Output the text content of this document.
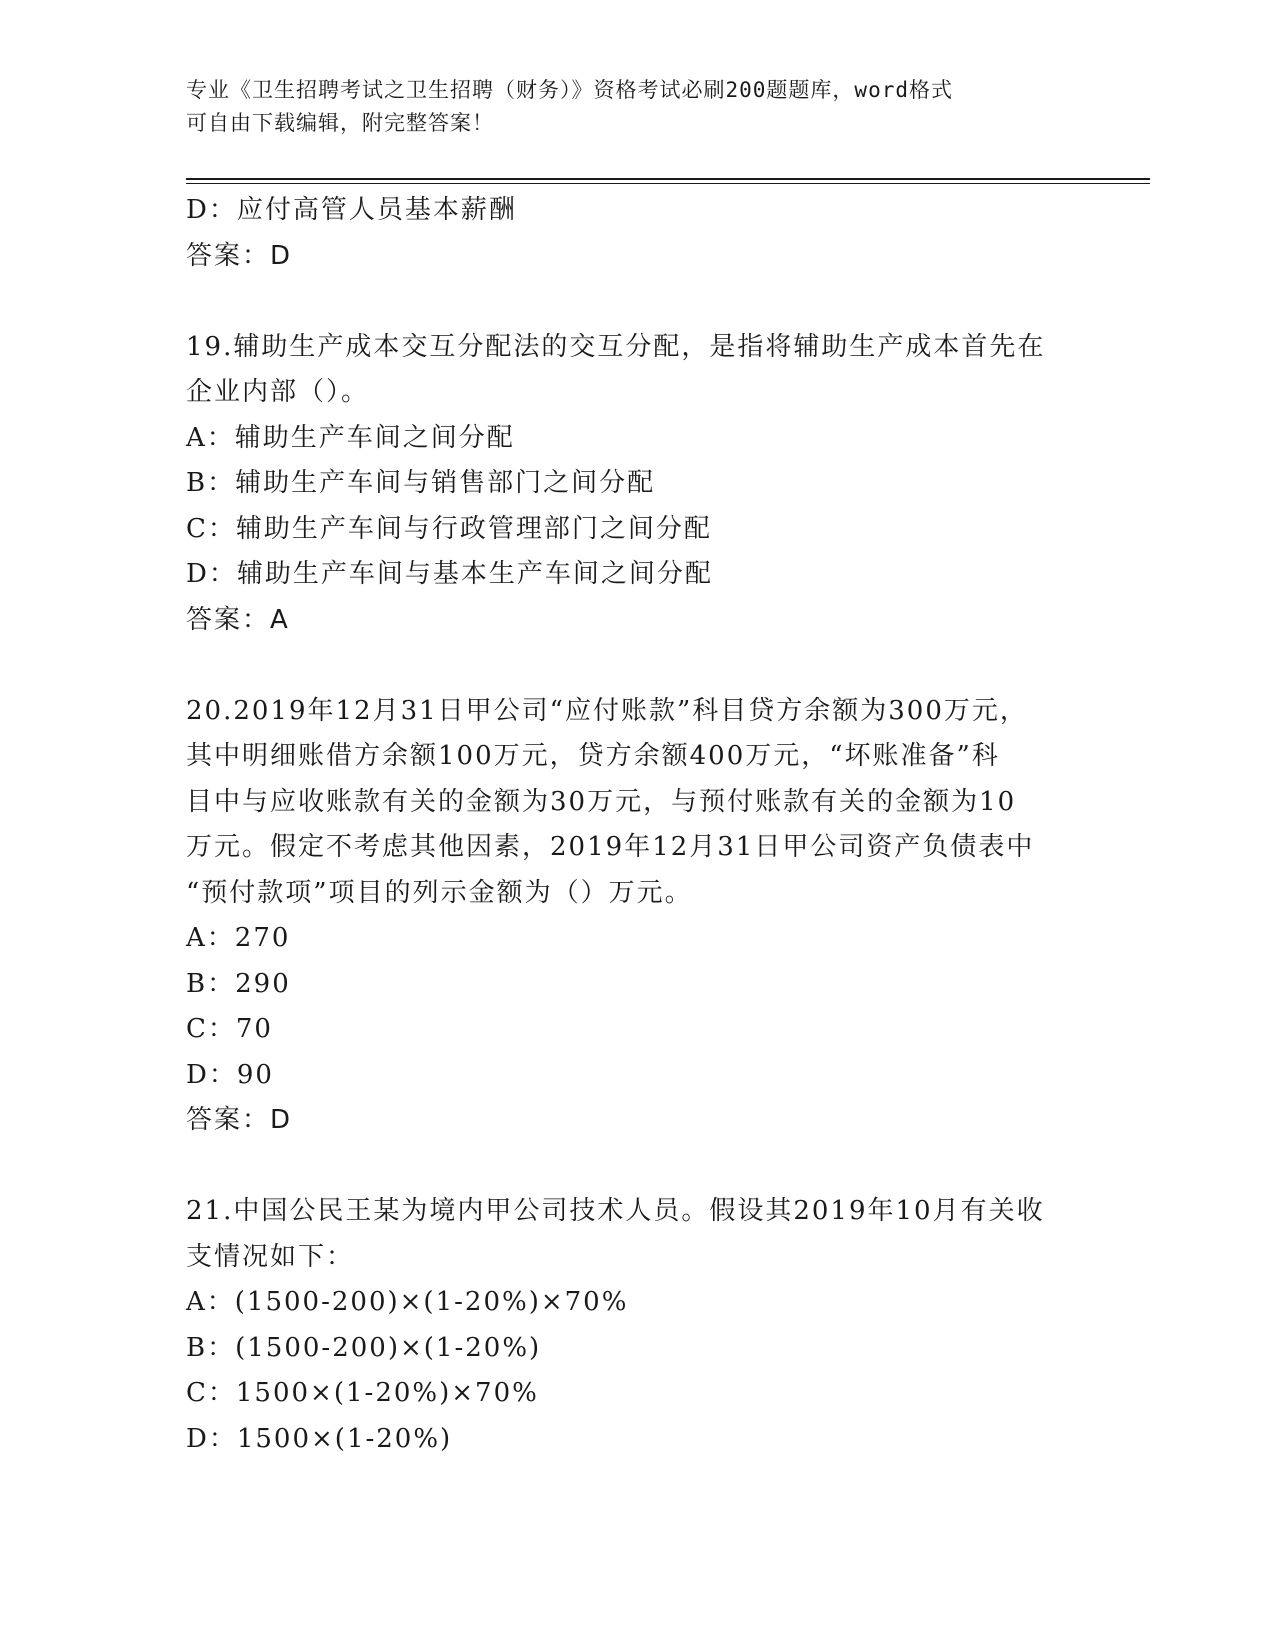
专业《卫生招聘考试之卫生招聘（财务）》资格考试必刷200题题库，word格式
可自由下载编辑，附完整答案！
D：应付高管人员基本薪酬
答案：D
19.辅助生产成本交互分配法的交互分配，是指将辅助生产成本首先在
企业内部（）。
A：辅助生产车间之间分配
B：辅助生产车间与销售部门之间分配
C：辅助生产车间与行政管理部门之间分配
D：辅助生产车间与基本生产车间之间分配
答案：A
20.2019年12月31日甲公司“应付账款”科目贷方余额为300万元，
其中明细账借方余额100万元，贷方余额400万元，“坏账准备”科
目中与应收账款有关的金额为30万元，与预付账款有关的金额为10
万元。假定不考虑其他因素，2019年12月31日甲公司资产负债表中
“预付款项”项目的列示金额为（）万元。
A：270
B：290
C：70
D：90
答案：D
21.中国公民王某为境内甲公司技术人员。假设其2019年10月有关收
支情况如下：
A：(1500-200)×(1-20%)×70%
B：(1500-200)×(1-20%)
C：1500×(1-20%)×70%
D：1500×(1-20%)
